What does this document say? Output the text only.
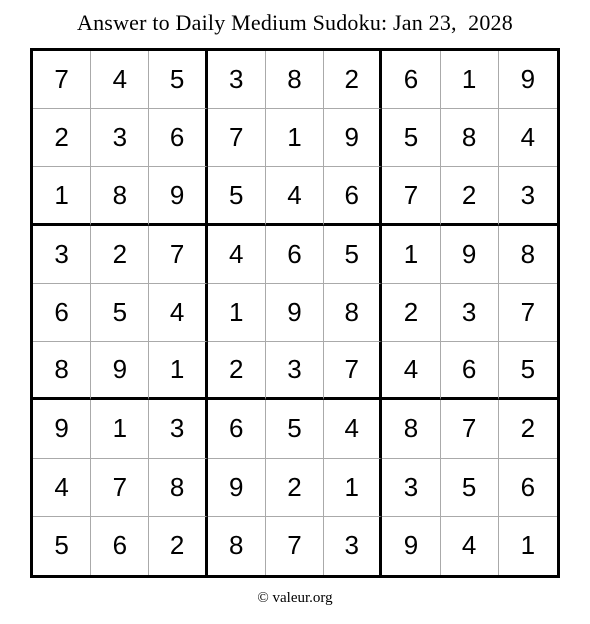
Answer to Daily Medium Sudoku: Jan 23,  2028
7	4	5	3	8	2	6	1	9
2	3	6	7	1	9	5	8	4
1	8	9	5	4	6	7	2	3
3	2	7	4	6	5	1	9	8
6	5	4	1	9	8	2	3	7
8	9	1	2	3	7	4	6	5
9	1	3	6	5	4	8	7	2
4	7	8	9	2	1	3	5	6
5	6	2	8	7	3	9	4	1
© valeur.org
